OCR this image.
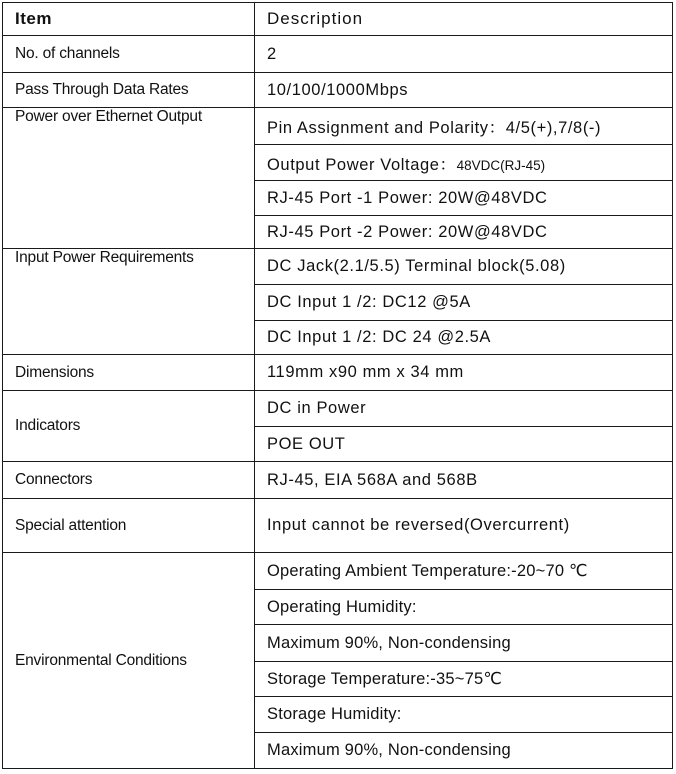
Item	Description
No. of channels	2
Pass Through Data Rates	10/100/1000Mbps
Power over Ethernet Output	Pin Assignment and Polarity：4/5(+),7/8(-)
	Output Power Voltage：48VDC(RJ-45)
	RJ-45 Port -1 Power: 20W@48VDC
	RJ-45 Port -2 Power: 20W@48VDC
Input Power Requirements	DC Jack(2.1/5.5) Terminal block(5.08)
	DC Input 1 /2: DC12 @5A
	DC Input 1 /2: DC 24 @2.5A
Dimensions	119mm x90 mm x 34 mm
Indicators	DC in Power
	POE OUT
Connectors	RJ-45, EIA 568A and 568B
Special attention	Input cannot be reversed(Overcurrent)
Environmental Conditions	Operating Ambient Temperature:-20~70 ℃
	Operating Humidity:
	Maximum 90%, Non-condensing
	Storage Temperature:-35~75℃
	Storage Humidity:
	Maximum 90%, Non-condensing
